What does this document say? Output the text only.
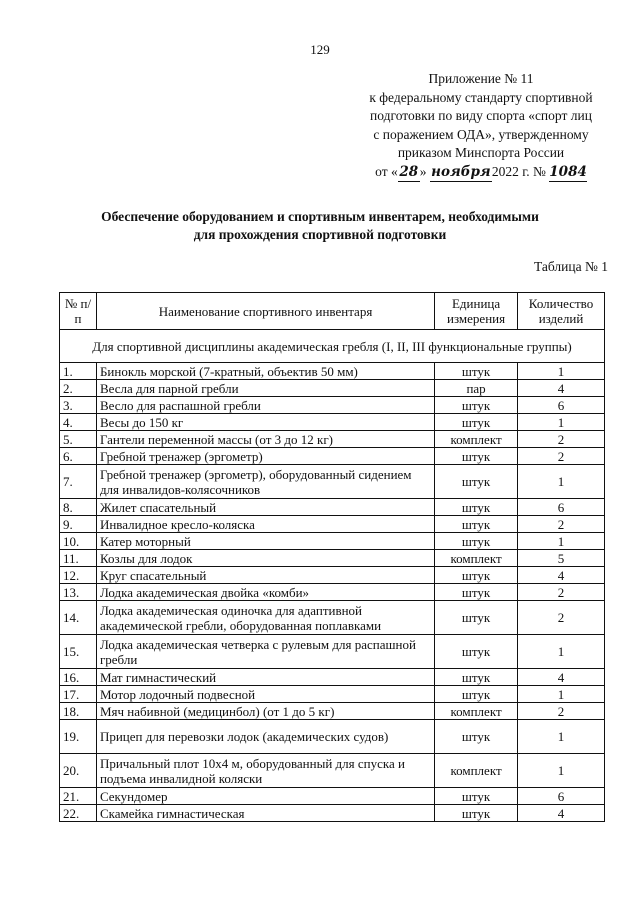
129
Приложение № 11
к федеральному стандарту спортивной
подготовки по виду спорта «спорт лиц
с поражением ОДА», утвержденному
приказом Минспорта России
от « 28 » ноября2022 г. № 1084
Обеспечение оборудованием и спортивным инвентарем, необходимыми
для прохождения спортивной подготовки
Таблица № 1
№ п/п	Наименование спортивного инвентаря	Единица измерения	Количество изделий
Для спортивной дисциплины академическая гребля (I, II, III функциональные группы)			
1.	Бинокль морской (7-кратный, объектив 50 мм)	штук	1
2.	Весла для парной гребли	пар	4
3.	Весло для распашной гребли	штук	6
4.	Весы до 150 кг	штук	1
5.	Гантели переменной массы (от 3 до 12 кг)	комплект	2
6.	Гребной тренажер (эргометр)	штук	2
7.	Гребной тренажер (эргометр), оборудованный сидением для инвалидов-колясочников	штук	1
8.	Жилет спасательный	штук	6
9.	Инвалидное кресло-коляска	штук	2
10.	Катер моторный	штук	1
11.	Козлы для лодок	комплект	5
12.	Круг спасательный	штук	4
13.	Лодка академическая двойка «комби»	штук	2
14.	Лодка академическая одиночка для адаптивной академической гребли, оборудованная поплавками	штук	2
15.	Лодка академическая четверка с рулевым для распашной гребли	штук	1
16.	Мат гимнастический	штук	4
17.	Мотор лодочный подвесной	штук	1
18.	Мяч набивной (медицинбол) (от 1 до 5 кг)	комплект	2
19.	Прицеп для перевозки лодок (академических судов)	штук	1
20.	Причальный плот 10х4 м, оборудованный для спуска и подъема инвалидной коляски	комплект	1
21.	Секундомер	штук	6
22.	Скамейка гимнастическая	штук	4
